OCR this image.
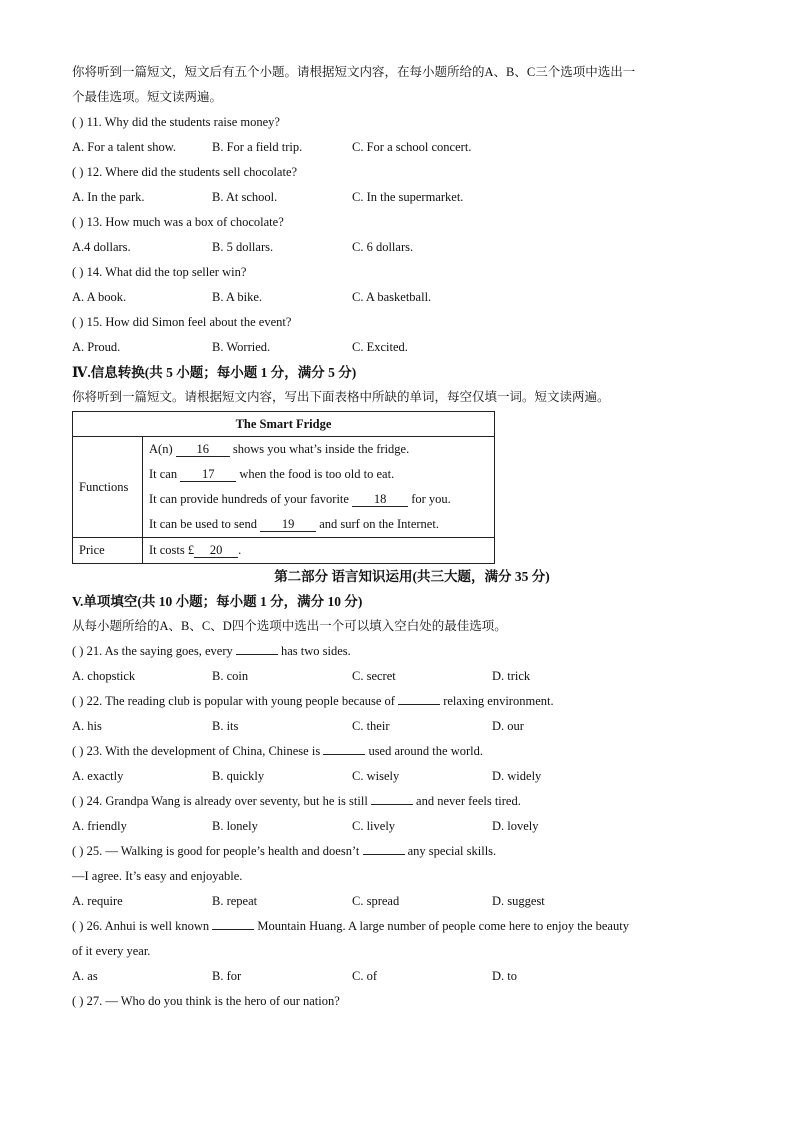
你将听到一篇短文，短文后有五个小题。请根据短文内容，在每小题所给的A、B、C三个选项中选出一
个最佳选项。短文读两遍。
( ) 11. Why did the students raise money?
A. For a talent show.	B. For a field trip.	C. For a school concert.
( ) 12. Where did the students sell chocolate?
A. In the park.	B. At school.	C. In the supermarket.
( ) 13. How much was a box of chocolate?
A.4 dollars.	B. 5 dollars.	C. 6 dollars.
( ) 14. What did the top seller win?
A. A book.	B. A bike.	C. A basketball.
( ) 15. How did Simon feel about the event?
A. Proud.	B. Worried.	C. Excited.
Ⅳ.信息转换(共 5 小题；每小题 1 分，满分 5 分)
你将听到一篇短文。请根据短文内容，写出下面表格中所缺的单词，每空仅填一词。短文读两遍。
The Smart Fridge	
Functions	A(n) 16 shows you what’s inside the fridge.
It can 17 when the food is too old to eat.
It can provide hundreds of your favorite 18 for you.
It can be used to send 19 and surf on the Internet.

Price	It costs £ 20 .
第二部分 语言知识运用(共三大题，满分 35 分)
V.单项填空(共 10 小题；每小题 1 分，满分 10 分)
从每小题所给的A、B、C、D四个选项中选出一个可以填入空白处的最佳选项。
( ) 21. As the saying goes, every	has two sides.
A. chopstick	B. coin	C. secret	D. trick
( ) 22. The reading club is popular with young people because of	relaxing environment.
A. his	B. its	C. their	D. our
( ) 23. With the development of China, Chinese is	used around the world.
A. exactly	B. quickly	C. wisely	D. widely
( ) 24. Grandpa Wang is already over seventy, but he is still	and never feels tired.
A. friendly	B. lonely	C. lively	D. lovely
( ) 25. — Walking is good for people’s health and doesn’t	any special skills.
—I agree. It’s easy and enjoyable.
A. require	B. repeat	C. spread	D. suggest
( ) 26. Anhui is well known	Mountain Huang. A large number of people come here to enjoy the beauty
of it every year.
A. as	B. for	C. of	D. to
( ) 27. — Who do you think is the hero of our nation?
